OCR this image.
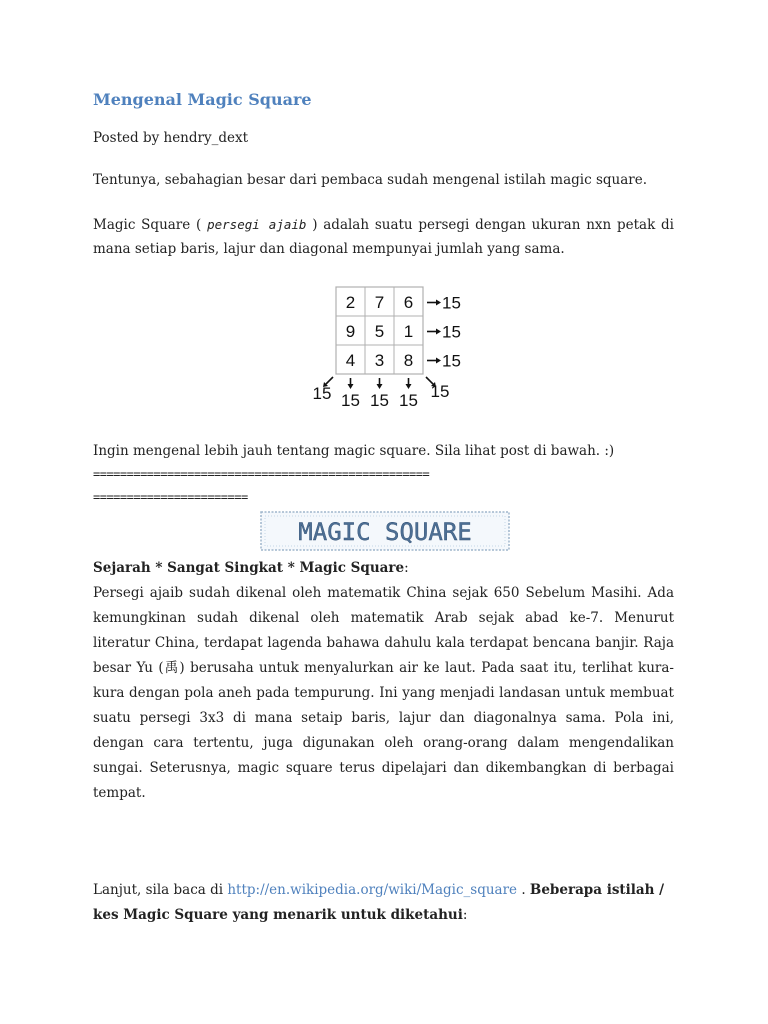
Mengenal Magic Square
Posted by hendry_dext
Tentunya, sebahagian besar dari pembaca sudah mengenal istilah magic square.
Magic Square ( persegi ajaib ) adalah suatu persegi dengan ukuran nxn petak di mana setiap baris, lajur dan diagonal mempunyai jumlah yang sama.
2 7 6
9 5 1
4 3 8
15
15
15
15 15 15
15	15
Ingin mengenal lebih jauh tentang magic square. Sila lihat post di bawah. :)
==================================================
=======================
MAGIC SQUARE
Sejarah * Sangat Singkat * Magic Square:
Persegi ajaib sudah dikenal oleh matematik China sejak 650 Sebelum Masihi. Ada kemungkinan sudah dikenal oleh matematik Arab sejak abad ke-7. Menurut literatur China, terdapat lagenda bahawa dahulu kala terdapat bencana banjir. Raja besar Yu (禹) berusaha untuk menyalurkan air ke laut. Pada saat itu, terlihat kura-kura dengan pola aneh pada tempurung. Ini yang menjadi landasan untuk membuat suatu persegi 3x3 di mana setaip baris, lajur dan diagonalnya sama. Pola ini, dengan cara tertentu, juga digunakan oleh orang-orang dalam mengendalikan sungai. Seterusnya, magic square terus dipelajari dan dikembangkan di berbagai tempat.
Lanjut, sila baca di http://en.wikipedia.org/wiki/Magic_square . Beberapa istilah / kes Magic Square yang menarik untuk diketahui:
